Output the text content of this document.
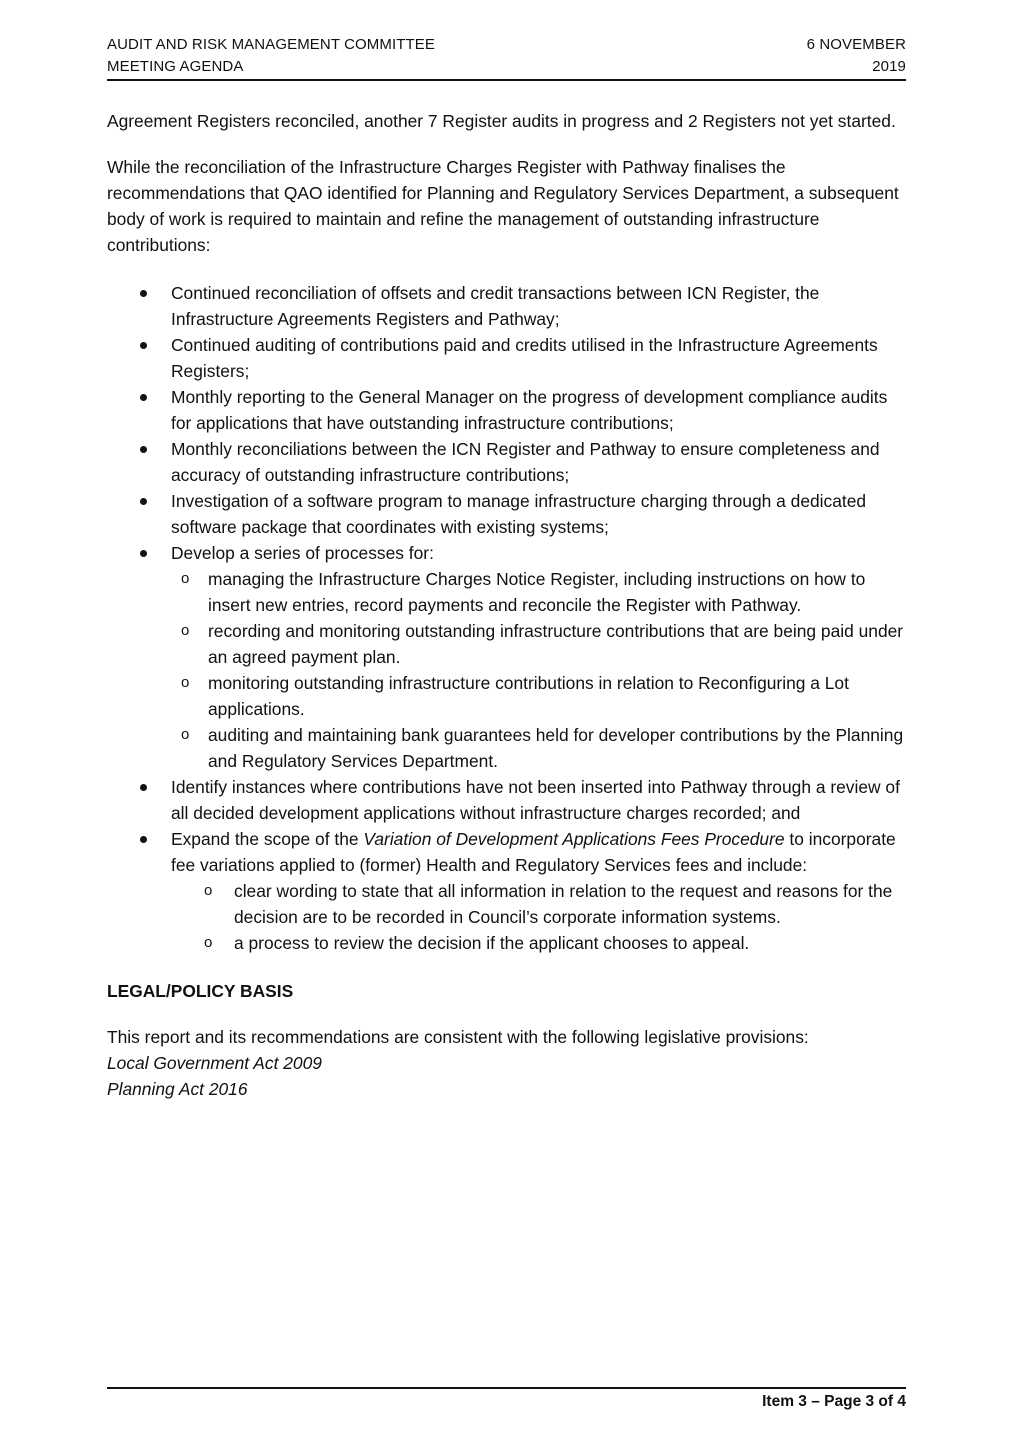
AUDIT AND RISK MANAGEMENT COMMITTEE
MEETING AGENDA
6 NOVEMBER
2019

Agreement Registers reconciled, another 7 Register audits in progress and 2 Registers not yet started.

While the reconciliation of the Infrastructure Charges Register with Pathway finalises the recommendations that QAO identified for Planning and Regulatory Services Department, a subsequent body of work is required to maintain and refine the management of outstanding infrastructure contributions:

Continued reconciliation of offsets and credit transactions between ICN Register, the Infrastructure Agreements Registers and Pathway;
Continued auditing of contributions paid and credits utilised in the Infrastructure Agreements Registers;
Monthly reporting to the General Manager on the progress of development compliance audits for applications that have outstanding infrastructure contributions;
Monthly reconciliations between the ICN Register and Pathway to ensure completeness and accuracy of outstanding infrastructure contributions;
Investigation of a software program to manage infrastructure charging through a dedicated software package that coordinates with existing systems;
Develop a series of processes for:
o managing the Infrastructure Charges Notice Register, including instructions on how to insert new entries, record payments and reconcile the Register with Pathway.
o recording and monitoring outstanding infrastructure contributions that are being paid under an agreed payment plan.
o monitoring outstanding infrastructure contributions in relation to Reconfiguring a Lot applications.
o auditing and maintaining bank guarantees held for developer contributions by the Planning and Regulatory Services Department.
Identify instances where contributions have not been inserted into Pathway through a review of all decided development applications without infrastructure charges recorded; and
Expand the scope of the Variation of Development Applications Fees Procedure to incorporate fee variations applied to (former) Health and Regulatory Services fees and include:
o clear wording to state that all information in relation to the request and reasons for the decision are to be recorded in Council’s corporate information systems.
o a process to review the decision if the applicant chooses to appeal.
LEGAL/POLICY BASIS
This report and its recommendations are consistent with the following legislative provisions:
Local Government Act 2009
Planning Act 2016
Item 3 – Page 3 of 4
